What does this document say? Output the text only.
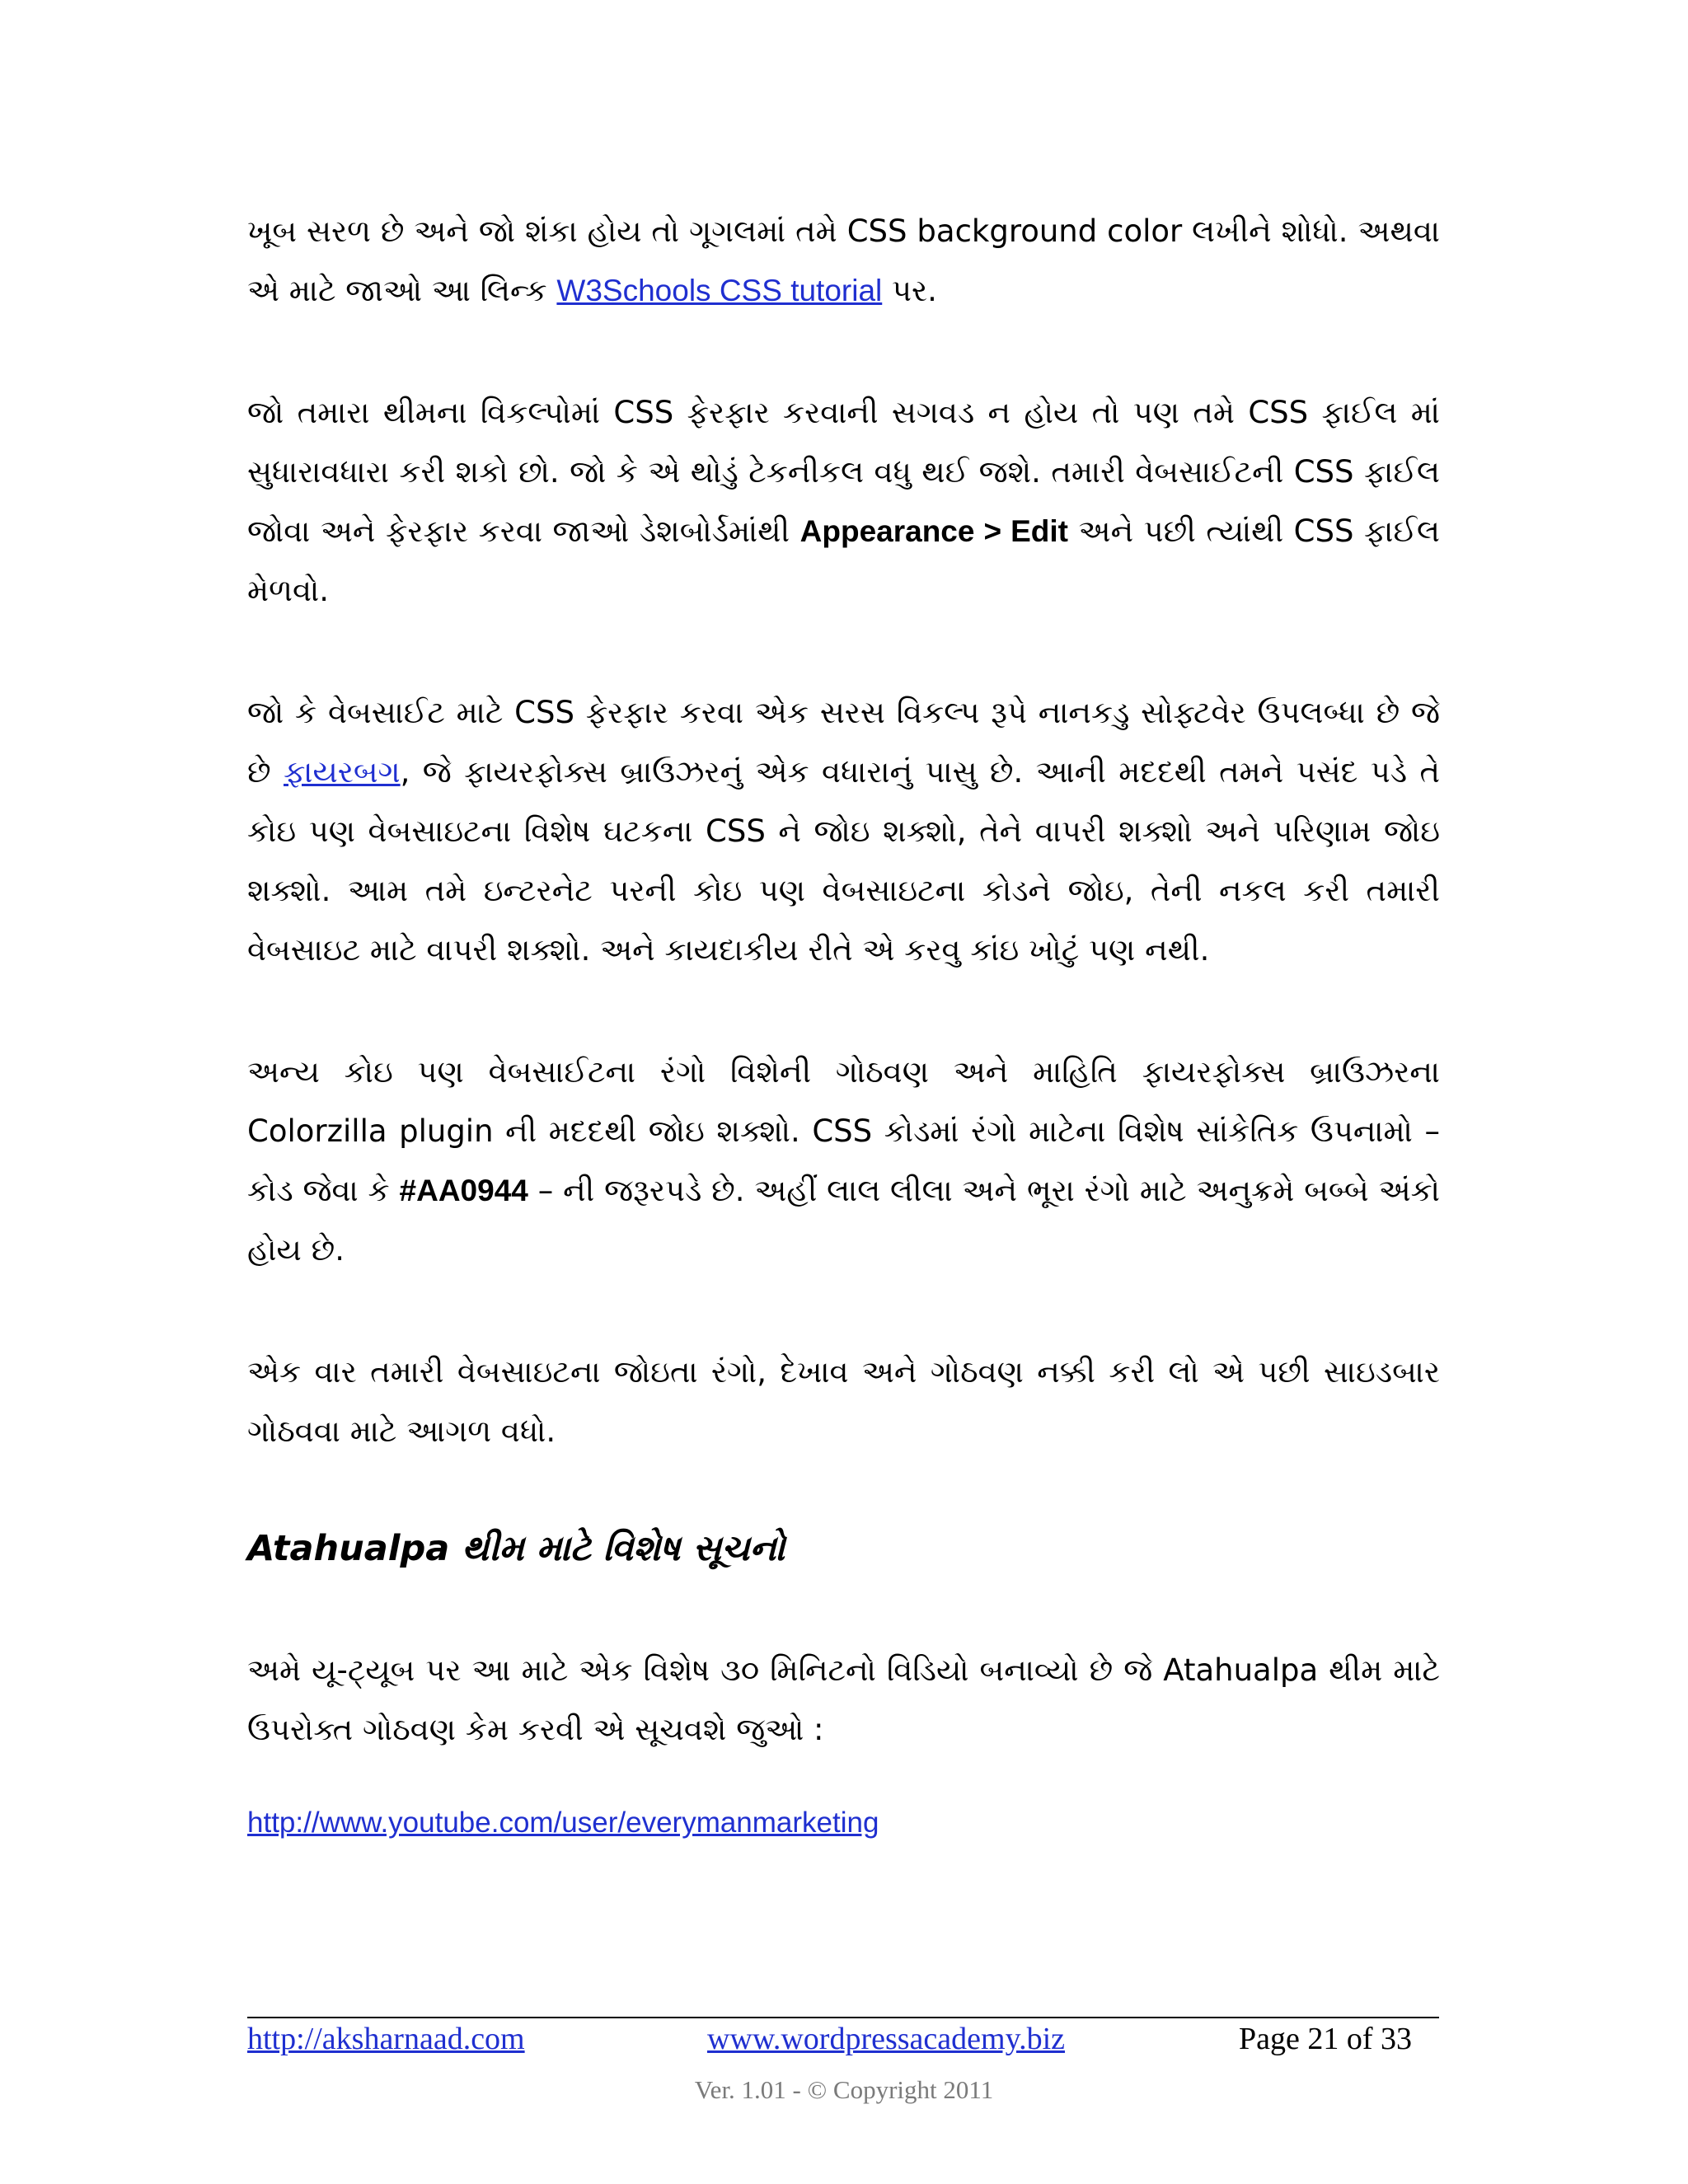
ખૂબ સરળ છે અને જો શંકા હોય તો ગૂગલમાં તમે CSS background color લખીને શોધો. અથવા એ માટે જાઓ આ લિન્ક W3Schools CSS tutorial પર.

જો તમારા થીમના વિકલ્પોમાં CSS ફેરફાર કરવાની સગવડ ન હોય તો પણ તમે CSS ફાઈલ માં સુધારાવધારા કરી શકો છો. જો કે એ થોડું ટેકનીકલ વધુ થઈ જશે. તમારી વેબસાઈટની CSS ફાઈલ જોવા અને ફેરફાર કરવા જાઓ ડેશબોર્ડમાંથી Appearance > Edit અને પછી ત્યાંથી CSS ફાઈલ મેળવો.

જો કે વેબસાઈટ માટે CSS ફેરફાર કરવા એક સરસ વિકલ્પ રૂપે નાનકડુ સોફ્ટવેર ઉપલબ્ધા છે જે છે ફાયરબગ, જે ફાયરફોક્સ બ્રાઉઝરનું એક વધારાનું પાસુ છે. આની મદદથી તમને પસંદ પડે તે કોઇ પણ વેબસાઇટના વિશેષ ઘટકના CSS ને જોઇ શક્શો, તેને વાપરી શક્શો અને પરિણામ જોઇ શક્શો. આમ તમે ઇન્ટરનેટ પરની કોઇ પણ વેબસાઇટના કોડને જોઇ, તેની નકલ કરી તમારી વેબસાઇટ માટે વાપરી શક્શો. અને કાયદાકીય રીતે એ કરવુ કાંઇ ખોટું પણ નથી.

અન્ય કોઇ પણ વેબસાઈટના રંગો વિશેની ગોઠવણ અને માહિતિ ફાયરફોક્સ બ્રાઉઝરના Colorzilla plugin ની મદદથી જોઇ શક્શો. CSS કોડમાં રંગો માટેના વિશેષ સાંકેતિક ઉપનામો – કોડ જેવા કે #AA0944 – ની જરૂરપડે છે. અહીં લાલ લીલા અને ભૂરા રંગો માટે અનુક્રમે બબ્બે અંકો હોય છે.

એક વાર તમારી વેબસાઇટના જોઇતા રંગો, દેખાવ અને ગોઠવણ નક્કી કરી લો એ પછી સાઇડબાર ગોઠવવા માટે આગળ વધો.

Atahualpa થીમ માટે વિશેષ સૂચનો

અમે યૂ-ટ્યૂબ પર આ માટે એક વિશેષ ૩૦ મિનિટનો વિડિયો બનાવ્યો છે જે Atahualpa થીમ માટે ઉપરોક્ત ગોઠવણ કેમ કરવી એ સૂચવશે જુઓ :

http://www.youtube.com/user/everymanmarketing
http://aksharnaad.com	www.wordpressacademy.biz	Page 21 of 33
Ver. 1.01 - © Copyright 2011
